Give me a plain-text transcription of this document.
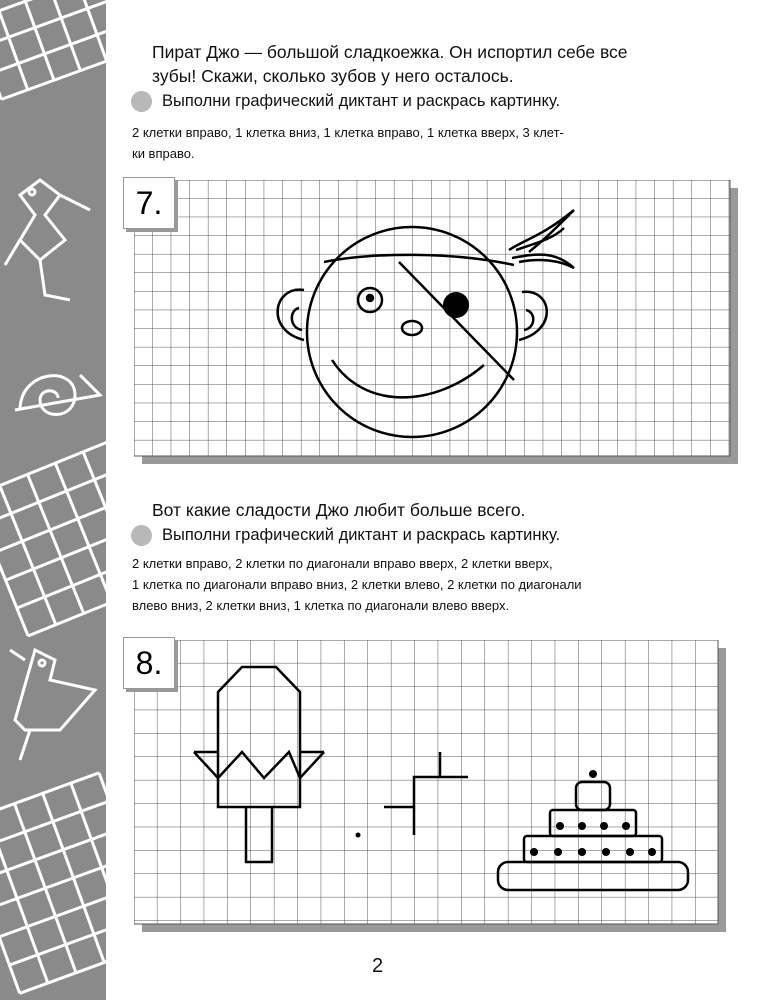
Пират Джо — большой сладкоежка. Он испортил себе все
зубы! Скажи, сколько зубов у него осталось.
Выполни графический диктант и раскрась картинку.
2 клетки вправо, 1 клетка вниз, 1 клетка вправо, 1 клетка вверх, 3 клет-
ки вправо.
7.
Вот какие сладости Джо любит больше всего.
Выполни графический диктант и раскрась картинку.
2 клетки вправо, 2 клетки по диагонали вправо вверх, 2 клетки вверх,
1 клетка по диагонали вправо вниз, 2 клетки влево, 2 клетки по диагонали
влево вниз, 2 клетки вниз, 1 клетка по диагонали влево вверх.
8.
2
